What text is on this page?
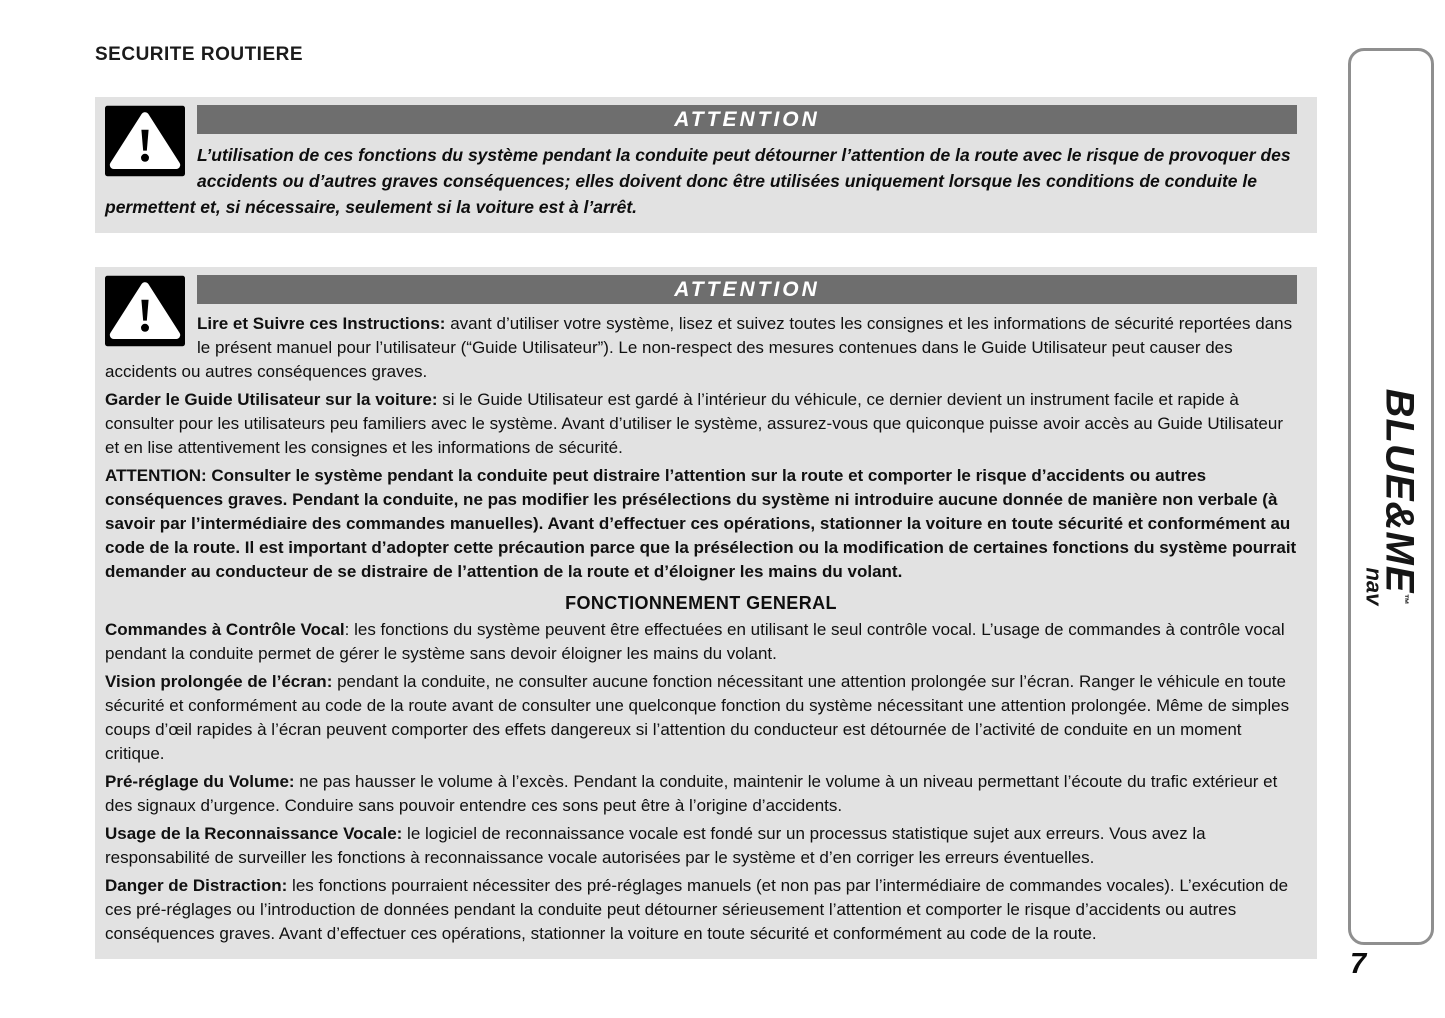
SECURITE ROUTIERE
ATTENTION

L’utilisation de ces fonctions du système pendant la conduite peut détourner l’attention de la route avec le risque de provoquer des accidents ou d’autres graves conséquences; elles doivent donc être utilisées uniquement lorsque les conditions de conduite le permettent et, si nécessaire, seulement si la voiture est à l’arrêt.

ATTENTION

Lire et Suivre ces Instructions: avant d’utiliser votre système, lisez et suivez toutes les consignes et les informations de sécurité reportées dans le présent manuel pour l’utilisateur (“Guide Utilisateur”). Le non-respect des mesures contenues dans le Guide Utilisateur peut causer des accidents ou autres conséquences graves.

Garder le Guide Utilisateur sur la voiture: si le Guide Utilisateur est gardé à l’intérieur du véhicule, ce dernier devient un instrument facile et rapide à consulter pour les utilisateurs peu familiers avec le système. Avant d’utiliser le système, assurez-vous que quiconque puisse avoir accès au Guide Utilisateur et en lise attentivement les consignes et les informations de sécurité.

ATTENTION: Consulter le système pendant la conduite peut distraire l’attention sur la route et comporter le risque d’accidents ou autres conséquences graves. Pendant la conduite, ne pas modifier les présélections du système ni introduire aucune donnée de manière non verbale (à savoir par l’intermédiaire des commandes manuelles). Avant d’effectuer ces opérations, stationner la voiture en toute sécurité et conformément au code de la route. Il est important d’adopter cette précaution parce que la présélection ou la modification de certaines fonctions du système pourrait demander au conducteur de se distraire de l’attention de la route et d’éloigner les mains du volant.

FONCTIONNEMENT GENERAL

Commandes à Contrôle Vocal: les fonctions du système peuvent être effectuées en utilisant le seul contrôle vocal. L’usage de commandes à contrôle vocal pendant la conduite permet de gérer le système sans devoir éloigner les mains du volant.

Vision prolongée de l’écran: pendant la conduite, ne consulter aucune fonction nécessitant une attention prolongée sur l’écran. Ranger le véhicule en toute sécurité et conformément au code de la route avant de consulter une quelconque fonction du système nécessitant une attention prolongée. Même de simples coups d’œil rapides à l’écran peuvent comporter des effets dangereux si l’attention du conducteur est détournée de l’activité de conduite en un moment critique.

Pré-réglage du Volume: ne pas hausser le volume à l’excès. Pendant la conduite, maintenir le volume à un niveau permettant l’écoute du trafic extérieur et des signaux d’urgence. Conduire sans pouvoir entendre ces sons peut être à l’origine d’accidents.

Usage de la Reconnaissance Vocale: le logiciel de reconnaissance vocale est fondé sur un processus statistique sujet aux erreurs. Vous avez la responsabilité de surveiller les fonctions à reconnaissance vocale autorisées par le système et d’en corriger les erreurs éventuelles.

Danger de Distraction: les fonctions pourraient nécessiter des pré-réglages manuels (et non pas par l’intermédiaire de commandes vocales). L’exécution de ces pré-réglages ou l’introduction de données pendant la conduite peut détourner sérieusement l’attention et comporter le risque d’accidents ou autres conséquences graves. Avant d’effectuer ces opérations, stationner la voiture en toute sécurité et conformément au code de la route.

BLUE&ME™
nav
7
